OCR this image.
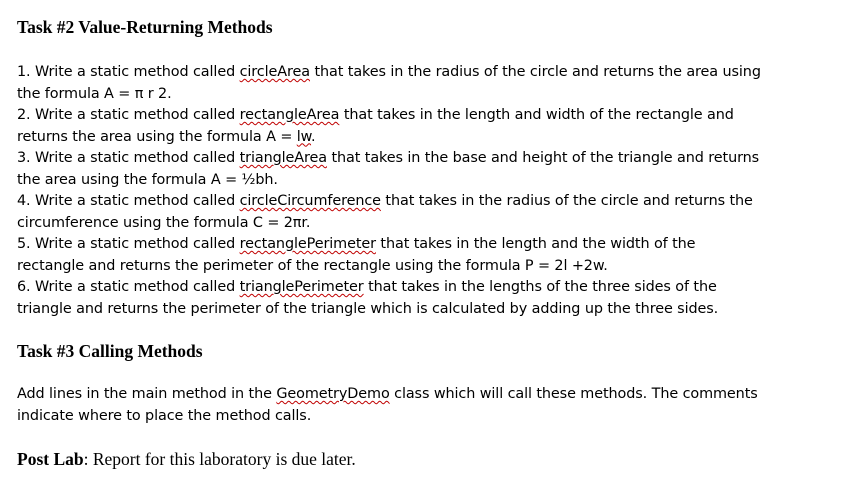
Task #2 Value-Returning Methods

1. Write a static method called circleArea that takes in the radius of the circle and returns the area using
the formula A = π r 2.
2. Write a static method called rectangleArea that takes in the length and width of the rectangle and
returns the area using the formula A = lw.
3. Write a static method called triangleArea that takes in the base and height of the triangle and returns
the area using the formula A = ½bh.
4. Write a static method called circleCircumference that takes in the radius of the circle and returns the
circumference using the formula C = 2πr.
5. Write a static method called rectanglePerimeter that takes in the length and the width of the
rectangle and returns the perimeter of the rectangle using the formula P = 2l +2w.
6. Write a static method called trianglePerimeter that takes in the lengths of the three sides of the
triangle and returns the perimeter of the triangle which is calculated by adding up the three sides.

Task #3 Calling Methods

Add lines in the main method in the GeometryDemo class which will call these methods. The comments
indicate where to place the method calls.

Post Lab: Report for this laboratory is due later.
